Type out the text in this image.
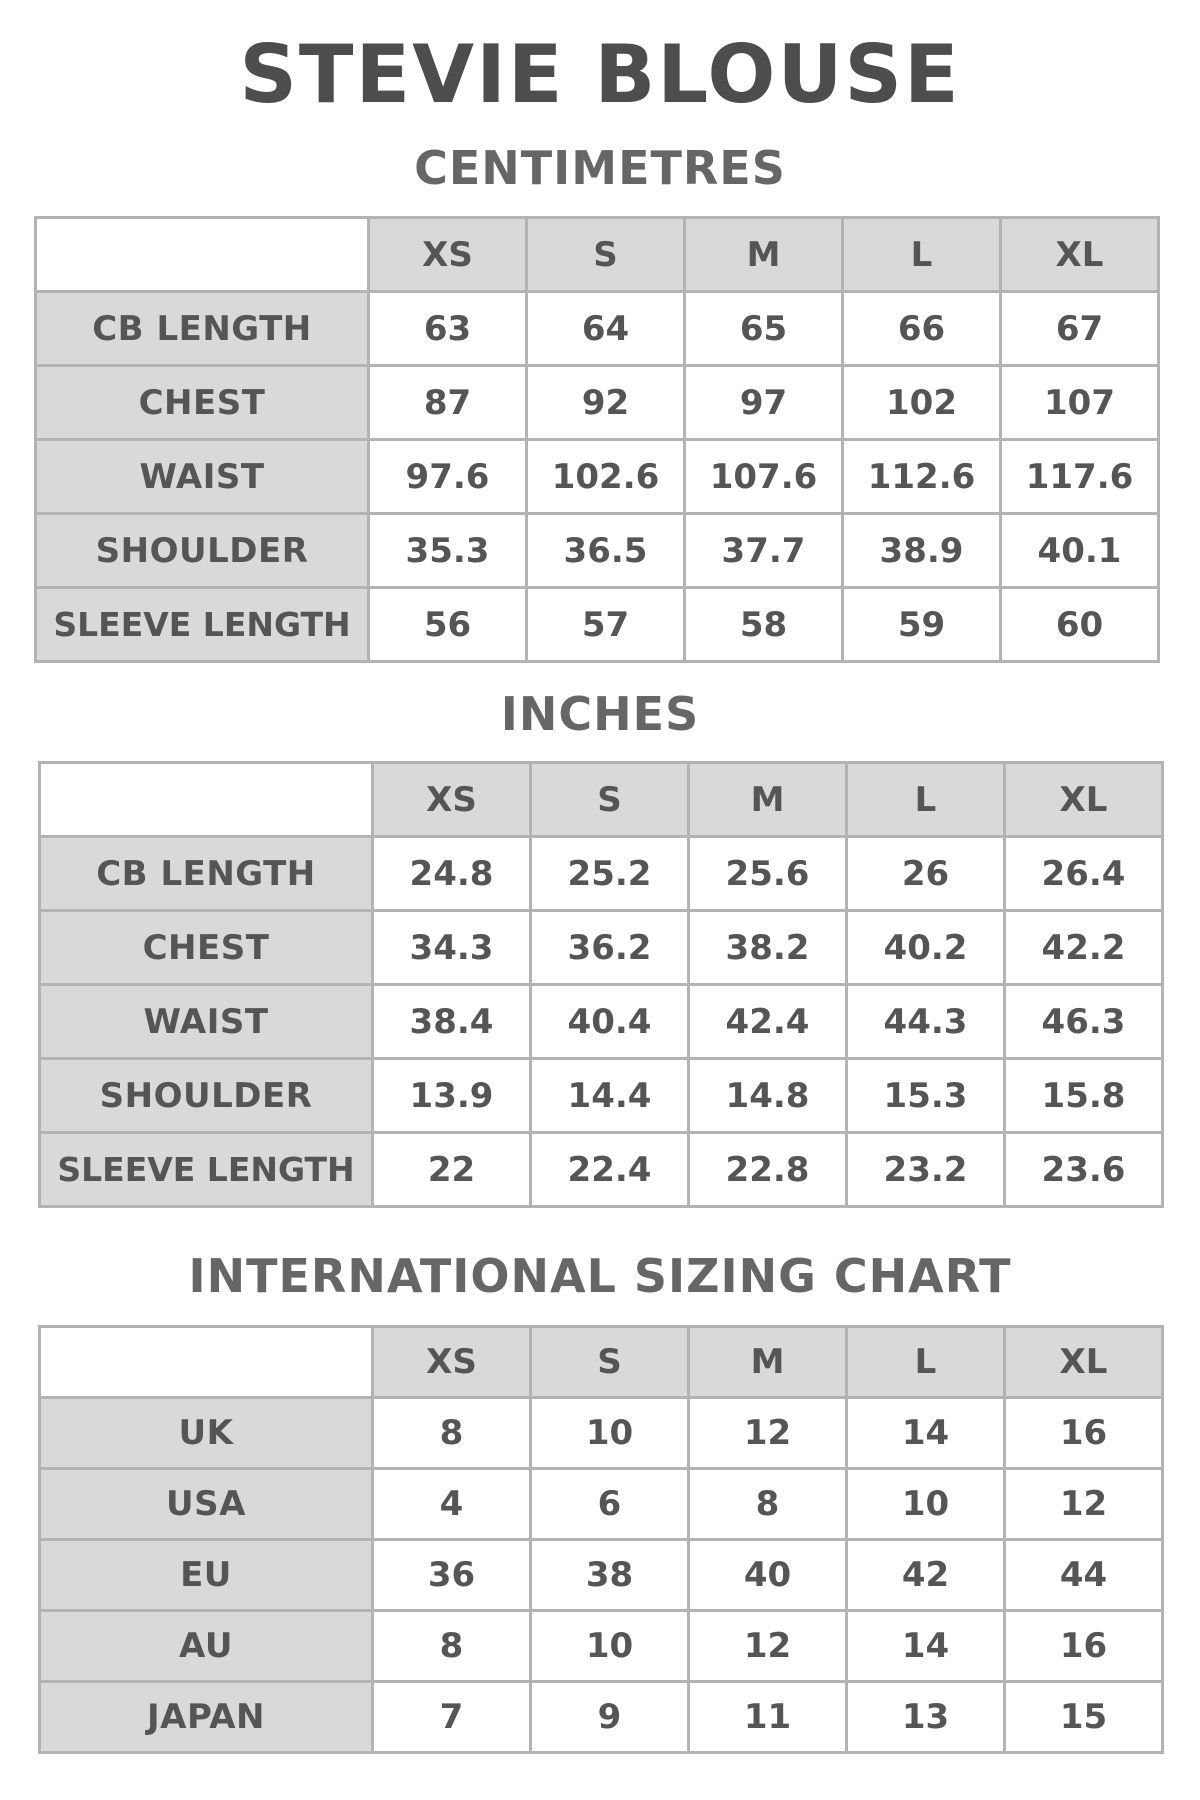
STEVIE BLOUSE
CENTIMETRES
	XS	S	M	L	XL
CB LENGTH	63	64	65	66	67
CHEST	87	92	97	102	107
WAIST	97.6	102.6	107.6	112.6	117.6
SHOULDER	35.3	36.5	37.7	38.9	40.1
SLEEVE LENGTH	56	57	58	59	60
INCHES
	XS	S	M	L	XL
CB LENGTH	24.8	25.2	25.6	26	26.4
CHEST	34.3	36.2	38.2	40.2	42.2
WAIST	38.4	40.4	42.4	44.3	46.3
SHOULDER	13.9	14.4	14.8	15.3	15.8
SLEEVE LENGTH	22	22.4	22.8	23.2	23.6
INTERNATIONAL SIZING CHART
	XS	S	M	L	XL
UK	8	10	12	14	16
USA	4	6	8	10	12
EU	36	38	40	42	44
AU	8	10	12	14	16
JAPAN	7	9	11	13	15
